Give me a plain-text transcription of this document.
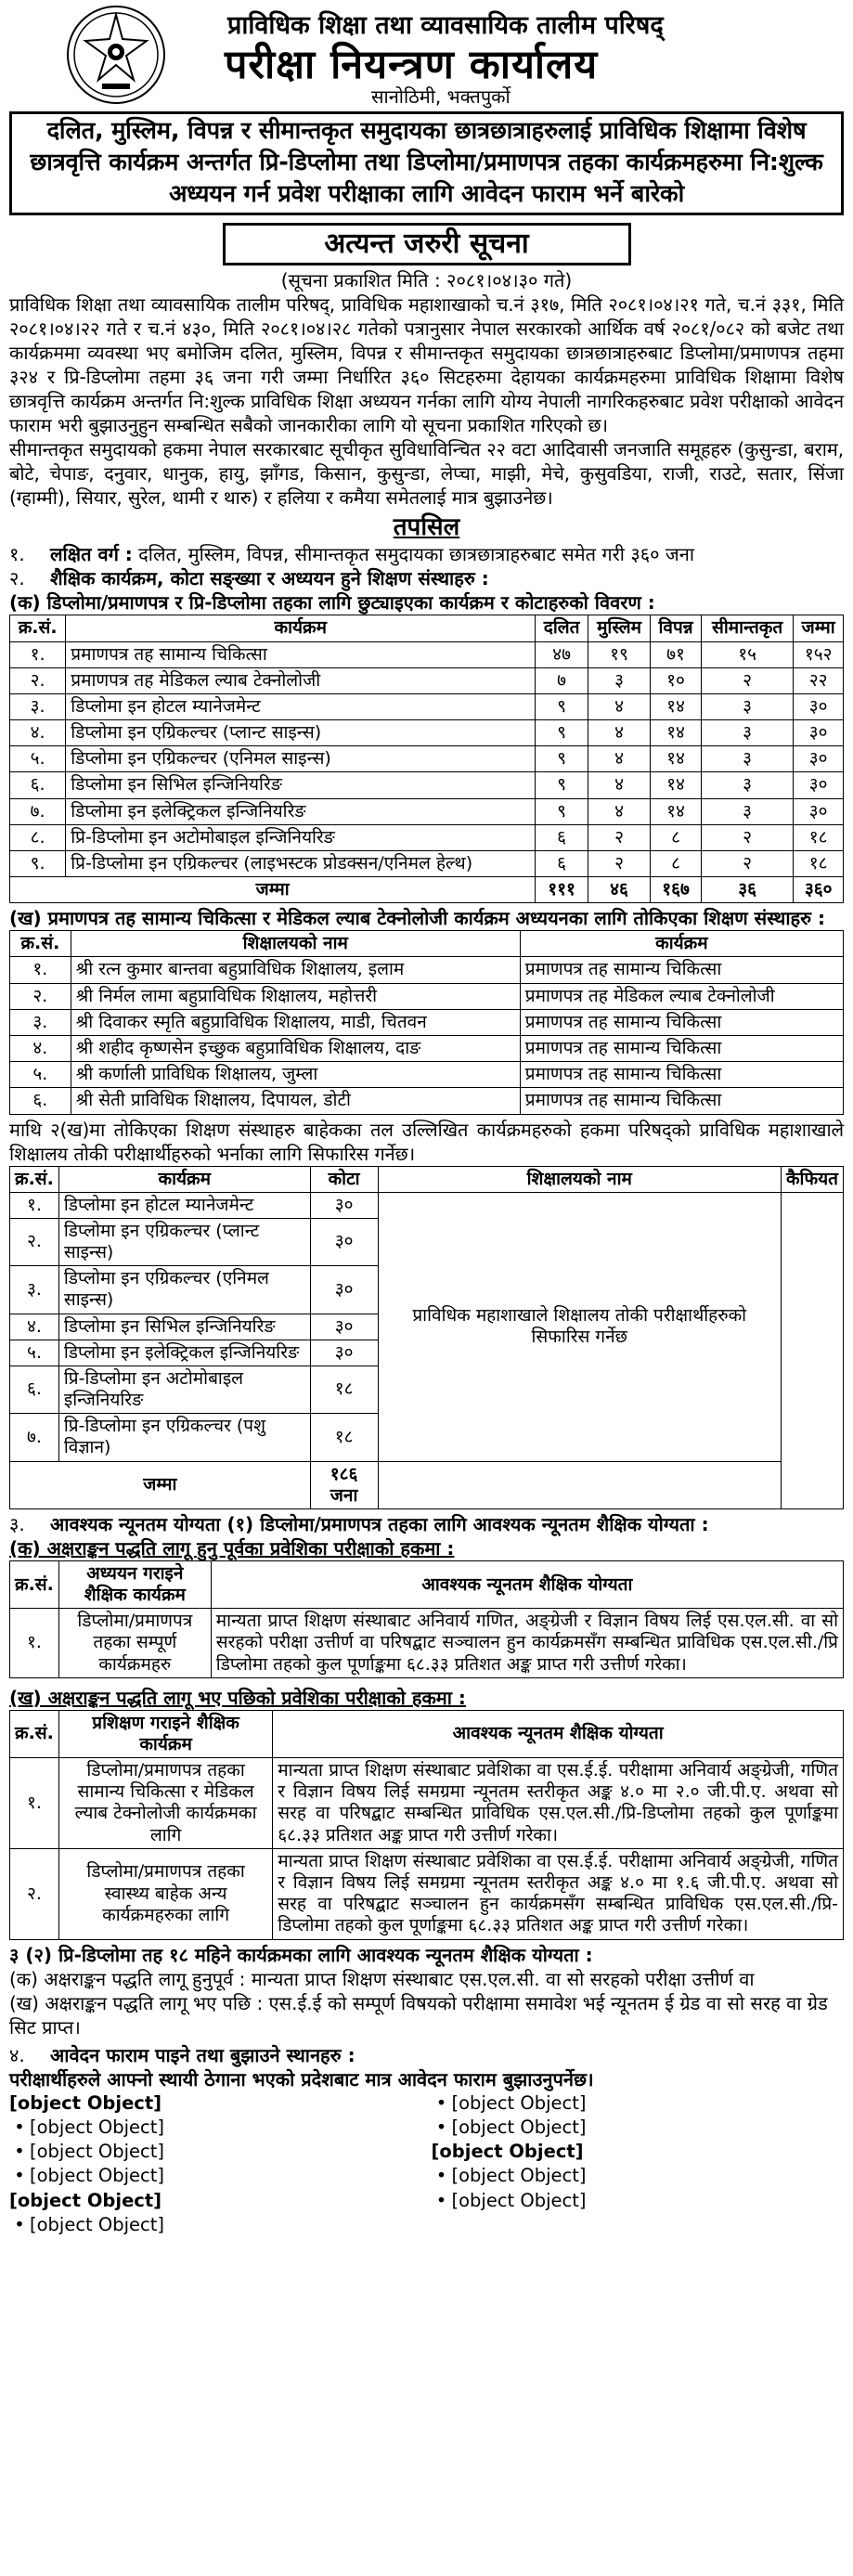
प्राविधिक शिक्षा तथा व्यावसायिक तालीम परिषद्
परीक्षा नियन्त्रण कार्यालय
सानोठिमी, भक्तपुर्को
दलित, मुस्लिम, विपन्न र सीमान्तकृत समुदायका छात्रछात्राहरुलाई प्राविधिक शिक्षामा विशेष छात्रवृत्ति कार्यक्रम अन्तर्गत प्रि-डिप्लोमा तथा डिप्लोमा/प्रमाणपत्र तहका कार्यक्रमहरुमा नि:शुल्क अध्ययन गर्न प्रवेश परीक्षाका लागि आवेदन फाराम भर्ने बारेको
अत्यन्त जरुरी सूचना
(सूचना प्रकाशित मिति : २०८१।०४।३० गते)
प्राविधिक शिक्षा तथा व्यावसायिक तालीम परिषद्, प्राविधिक महाशाखाको च.नं ३१७, मिति २०८१।०४।२१ गते, च.नं ३३१, मिति २०८१।०४।२२ गते र च.नं ४३०, मिति २०८१।०४।२८ गतेको पत्रानुसार नेपाल सरकारको आर्थिक वर्ष २०८१/०८२ को बजेट तथा कार्यक्रममा व्यवस्था भए बमोजिम दलित, मुस्लिम, विपन्न र सीमान्तकृत समुदायका छात्रछात्राहरुबाट डिप्लोमा/प्रमाणपत्र तहमा ३२४ र प्रि-डिप्लोमा तहमा ३६ जना गरी जम्मा निर्धारित ३६० सिटहरुमा देहायका कार्यक्रमहरुमा प्राविधिक शिक्षामा विशेष छात्रवृत्ति कार्यक्रम अन्तर्गत नि:शुल्क प्राविधिक शिक्षा अध्ययन गर्नका लागि योग्य नेपाली नागरिकहरुबाट प्रवेश परीक्षाको आवेदन फाराम भरी बुझाउनुहुन सम्बन्धित सबैको जानकारीका लागि यो सूचना प्रकाशित गरिएको छ।
सीमान्तकृत समुदायको हकमा नेपाल सरकारबाट सूचीकृत सुविधाविन्चित २२ वटा आदिवासी जनजाति समूहहरु (कुसुन्डा, बराम, बोटे, चेपाङ, दनुवार, धानुक, हायु, झाँगड, किसान, कुसुन्डा, लेप्चा, माझी, मेचे, कुसुवडिया, राजी, राउटे, सतार, सिंजा (ग्हाम्मी), सियार, सुरेल, थामी र थारु) र हलिया र कमैया समेतलाई मात्र बुझाउनेछ।
तपसिल
१. लक्षित वर्ग : दलित, मुस्लिम, विपन्न, सीमान्तकृत समुदायका छात्रछात्राहरुबाट समेत गरी ३६० जना
२. शैक्षिक कार्यक्रम, कोटा सङ्ख्या र अध्ययन हुने शिक्षण संस्थाहरु :
(क) डिप्लोमा/प्रमाणपत्र र प्रि-डिप्लोमा तहका लागि छुट्याइएका कार्यक्रम र कोटाहरुको विवरण :
क्र.सं.	कार्यक्रम	दलित	मुस्लिम	विपन्न	सीमान्तकृत	जम्मा
१.	प्रमाणपत्र तह सामान्य चिकित्सा	४७	१९	७१	१५	१५२
२.	प्रमाणपत्र तह मेडिकल ल्याब टेक्नोलोजी	७	३	१०	२	२२
३.	डिप्लोमा इन होटल म्यानेजमेन्ट	९	४	१४	३	३०
४.	डिप्लोमा इन एग्रिकल्चर (प्लान्ट साइन्स)	९	४	१४	३	३०
५.	डिप्लोमा इन एग्रिकल्चर (एनिमल साइन्स)	९	४	१४	३	३०
६.	डिप्लोमा इन सिभिल इन्जिनियरिङ	९	४	१४	३	३०
७.	डिप्लोमा इन इलेक्ट्रिकल इन्जिनियरिङ	९	४	१४	३	३०
८.	प्रि-डिप्लोमा इन अटोमोबाइल इन्जिनियरिङ	६	२	८	२	१८
९.	प्रि-डिप्लोमा इन एग्रिकल्चर (लाइभस्टक प्रोडक्सन/एनिमल हेल्थ)	६	२	८	२	१८
जम्मा		१११	४६	१६७	३६	३६०
(ख) प्रमाणपत्र तह सामान्य चिकित्सा र मेडिकल ल्याब टेक्नोलोजी कार्यक्रम अध्ययनका लागि तोकिएका शिक्षण संस्थाहरु :
क्र.सं.	शिक्षालयको नाम	कार्यक्रम
१.	श्री रत्न कुमार बान्तवा बहुप्राविधिक शिक्षालय, इलाम	प्रमाणपत्र तह सामान्य चिकित्सा
२.	श्री निर्मल लामा बहुप्राविधिक शिक्षालय, महोत्तरी	प्रमाणपत्र तह मेडिकल ल्याब टेक्नोलोजी
३.	श्री दिवाकर स्मृति बहुप्राविधिक शिक्षालय, माडी, चितवन	प्रमाणपत्र तह सामान्य चिकित्सा
४.	श्री शहीद कृष्णसेन इच्छुक बहुप्राविधिक शिक्षालय, दाङ	प्रमाणपत्र तह सामान्य चिकित्सा
५.	श्री कर्णाली प्राविधिक शिक्षालय, जुम्ला	प्रमाणपत्र तह सामान्य चिकित्सा
६.	श्री सेती प्राविधिक शिक्षालय, दिपायल, डोटी	प्रमाणपत्र तह सामान्य चिकित्सा
माथि २(ख)मा तोकिएका शिक्षण संस्थाहरु बाहेकका तल उल्लिखित कार्यक्रमहरुको हकमा परिषद्को प्राविधिक महाशाखाले शिक्षालय तोकी परीक्षार्थीहरुको भर्नाका लागि सिफारिस गर्नेछ।
क्र.सं.	कार्यक्रम	कोटा	शिक्षालयको नाम	कैफियत
१.	डिप्लोमा इन होटल म्यानेजमेन्ट	३०	प्राविधिक महाशाखाले शिक्षालय तोकी परीक्षार्थीहरुको सिफारिस गर्नेछ	
२.	डिप्लोमा इन एग्रिकल्चर (प्लान्ट साइन्स)	३०		
३.	डिप्लोमा इन एग्रिकल्चर (एनिमल साइन्स)	३०		
४.	डिप्लोमा इन सिभिल इन्जिनियरिङ	३०		
५.	डिप्लोमा इन इलेक्ट्रिकल इन्जिनियरिङ	३०		
६.	प्रि-डिप्लोमा इन अटोमोबाइल इन्जिनियरिङ	१८		
७.	प्रि-डिप्लोमा इन एग्रिकल्चर (पशु विज्ञान)	१८		
जम्मा		१८६ जना		
३. आवश्यक न्यूनतम योग्यता (१) डिप्लोमा/प्रमाणपत्र तहका लागि आवश्यक न्यूनतम शैक्षिक योग्यता :
(क) अक्षराङ्कन पद्धति लागू हुनु पूर्वका प्रवेशिका परीक्षाको हकमा :
क्र.सं.	अध्ययन गराइने शैक्षिक कार्यक्रम	आवश्यक न्यूनतम शैक्षिक योग्यता
१.	डिप्लोमा/प्रमाणपत्र तहका सम्पूर्ण कार्यक्रमहरु	मान्यता प्राप्त शिक्षण संस्थाबाट अनिवार्य गणित, अङ्ग्रेजी र विज्ञान विषय लिई एस.एल.सी. वा सो सरहको परीक्षा उत्तीर्ण वा परिषद्बाट सञ्चालन हुन कार्यक्रमसँग सम्बन्धित प्राविधिक एस.एल.सी./प्रि डिप्लोमा तहको कुल पूर्णाङ्कमा ६८.३३ प्रतिशत अङ्क प्राप्त गरी उत्तीर्ण गरेका।
(ख) अक्षराङ्कन पद्धति लागू भए पछिको प्रवेशिका परीक्षाको हकमा :
क्र.सं.	प्रशिक्षण गराइने शैक्षिक कार्यक्रम	आवश्यक न्यूनतम शैक्षिक योग्यता
१.	डिप्लोमा/प्रमाणपत्र तहका सामान्य चिकित्सा र मेडिकल ल्याब टेक्नोलोजी कार्यक्रमका लागि	मान्यता प्राप्त शिक्षण संस्थाबाट प्रवेशिका वा एस.ई.ई. परीक्षामा अनिवार्य अङ्ग्रेजी, गणित र विज्ञान विषय लिई समग्रमा न्यूनतम स्तरीकृत अङ्क ४.० मा २.० जी.पी.ए. अथवा सो सरह वा परिषद्बाट सम्बन्धित प्राविधिक एस.एल.सी./प्रि-डिप्लोमा तहको कुल पूर्णाङ्कमा ६८.३३ प्रतिशत अङ्क प्राप्त गरी उत्तीर्ण गरेका।
२.	डिप्लोमा/प्रमाणपत्र तहका स्वास्थ्य बाहेक अन्य कार्यक्रमहरुका लागि	मान्यता प्राप्त शिक्षण संस्थाबाट प्रवेशिका वा एस.ई.ई. परीक्षामा अनिवार्य अङ्ग्रेजी, गणित र विज्ञान विषय लिई समग्रमा न्यूनतम स्तरीकृत अङ्क ४.० मा १.६ जी.पी.ए. अथवा सो सरह वा परिषद्बाट सञ्चालन हुन कार्यक्रमसँग सम्बन्धित प्राविधिक एस.एल.सी./प्रि-डिप्लोमा तहको कुल पूर्णाङ्कमा ६८.३३ प्रतिशत अङ्क प्राप्त गरी उत्तीर्ण गरेका।
३ (२) प्रि-डिप्लोमा तह १८ महिने कार्यक्रमका लागि आवश्यक न्यूनतम शैक्षिक योग्यता :
(क) अक्षराङ्कन पद्धति लागू हुनुपूर्व : मान्यता प्राप्त शिक्षण संस्थाबाट एस.एल.सी. वा सो सरहको परीक्षा उत्तीर्ण वा
(ख) अक्षराङ्कन पद्धति लागू भए पछि : एस.ई.ई को सम्पूर्ण विषयको परीक्षामा समावेश भई न्यूनतम ई ग्रेड वा सो सरह वा ग्रेड सिट प्राप्त।
४. आवेदन फाराम पाइने तथा बुझाउने स्थानहरु :
परीक्षार्थीहरुले आफ्नो स्थायी ठेगाना भएको प्रदेशबाट मात्र आवेदन फाराम बुझाउनुपर्नेछ।
[object Object]
• [object Object]
• [object Object]
• [object Object]
[object Object]
• [object Object]
• [object Object]
• [object Object]
[object Object]
• [object Object]
• [object Object]
